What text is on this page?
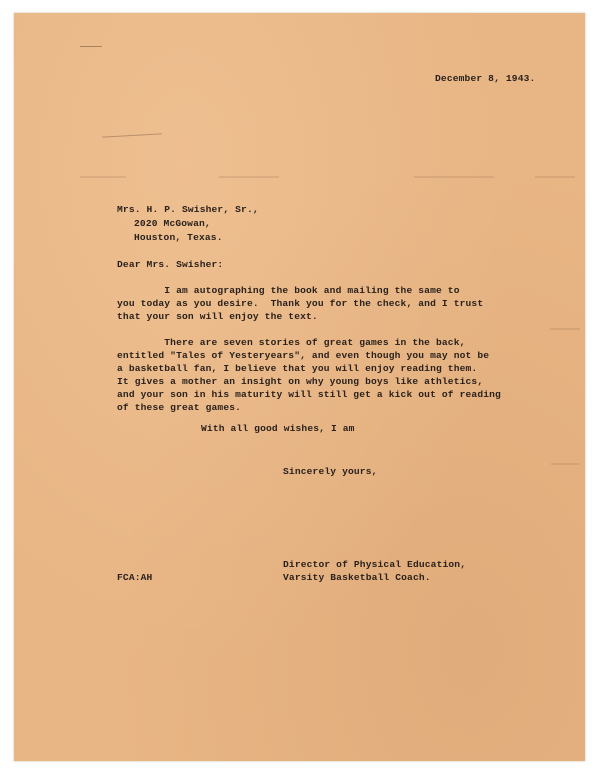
December 8, 1943.
Mrs. H. P. Swisher, Sr.,
2020 McGowan,
Houston, Texas.
Dear Mrs. Swisher:
I am autographing the book and mailing the same to
you today as you desire.  Thank you for the check, and I trust
that your son will enjoy the text.
There are seven stories of great games in the back,
entitled "Tales of Yesteryears", and even though you may not be
a basketball fan, I believe that you will enjoy reading them.
It gives a mother an insight on why young boys like athletics,
and your son in his maturity will still get a kick out of reading
of these great games.
With all good wishes, I am
Sincerely yours,
Director of Physical Education,
Varsity Basketball Coach.
FCA:AH
